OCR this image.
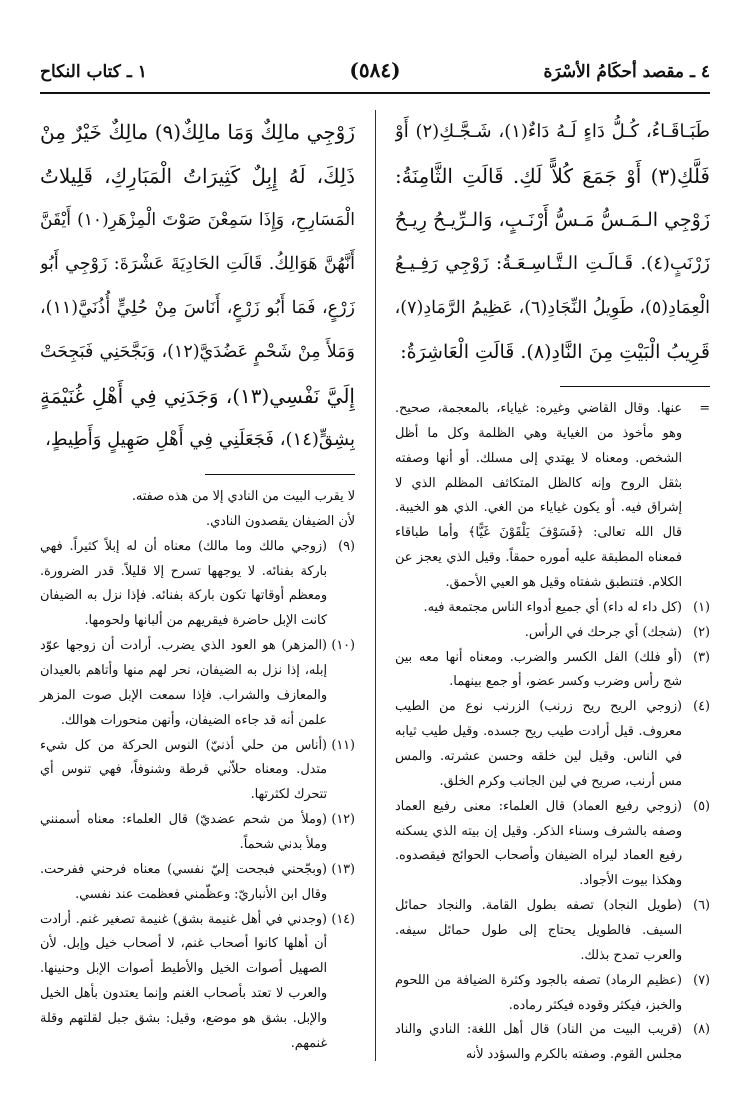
٤ ـ مقصد أحكَامُ الأسْرَة
(٥٨٤)
١ ـ كتاب النكاح

طَبَـاقَـاءُ، كُـلُّ دَاءٍ لَـهُ دَاءٌ(١)، شَـجَّـكِ(٢) أَوْ
فَلَّكِ(٣) أَوْ جَمَعَ كُلاًّ لَكِ. قَالَتِ الثَّامِنَةُ:
زَوْجِي الـمَـسُّ مَـسُّ أَرْنَـبٍ، وَالـرِّيـحُ رِيـحُ
زَرْنَبٍ(٤). قَـالَـتِ الـتَّـاسِـعَـةُ: زَوْجِي رَفِـيـعُ
الْعِمَادِ(٥)، طَوِيلُ النِّجَادِ(٦)، عَظِيمُ الرَّمَادِ(٧)،
قَرِيبُ الْبَيْتِ مِنَ النَّادِ(٨). قَالَتِ الْعَاشِرَةُ:

=
عنها. وقال القاضي وغيره: غياياء، بالمعجمة، صحيح. وهو مأخوذ من الغياية وهي الظلمة وكل ما أظل الشخص. ومعناه لا يهتدي إلى مسلك. أو أنها وصفته بثقل الروح وإنه كالظل المتكاثف المظلم الذي لا إشراق فيه. أو يكون غياياء من الغي. الذي هو الخيبة. قال الله تعالى: ﴿فَسَوْفَ يَلْقَوْنَ غَيًّا﴾ وأما طباقاء فمعناه المطبقة عليه أموره حمقاً. وقيل الذي يعجز عن الكلام. فتنطبق شفتاه وقيل هو العيي الأحمق.
(١)
(كل داء له داء) أي جميع أدواء الناس مجتمعة فيه.
(٢)
(شجك) أي جرحك في الرأس.
(٣)
(أو فلك) الفل الكسر والضرب. ومعناه أنها معه بين شج رأس وضرب وكسر عضو، أو جمع بينهما.
(٤)
(زوجي الريح ريح زرنب) الزرنب نوع من الطيب معروف. قيل أرادت طيب ريح جسده. وقيل طيب ثيابه في الناس. وقيل لين خلقه وحسن عشرته. والمس مس أرنب، صريح في لين الجانب وكرم الخلق.
(٥)
(زوجي رفيع العماد) قال العلماء: معنى رفيع العماد وصفه بالشرف وسناء الذكر. وقيل إن بيته الذي يسكنه رفيع العماد ليراه الضيفان وأصحاب الحوائج فيقصدوه. وهكذا بيوت الأجواد.
(٦)
(طويل النجاد) تصفه بطول القامة. والنجاد حمائل السيف. فالطويل يحتاج إلى طول حمائل سيفه. والعرب تمدح بذلك.
(٧)
(عظيم الرماد) تصفه بالجود وكثرة الضيافة من اللحوم والخبز، فيكثر وقوده فيكثر رماده.
(٨)
(قريب البيت من الناد) قال أهل اللغة: النادي والناد مجلس القوم. وصفته بالكرم والسؤدد لأنه

زَوْجِي مالِكٌ وَمَا مالِكٌ(٩) مالِكٌ خَيْرٌ مِنْ
ذَلِكَ، لَهُ إِبِلٌ كَثِيرَاتُ الْمَبَارِكِ، قَلِيلاتُ
الْمَسَارِحِ، وَإِذَا سَمِعْنَ صَوْتَ الْمِزْهَرِ(١٠) أَيْقَنَّ
أَنَّهُنَّ هَوَالِكُ. قَالَتِ الحَادِيَةَ عَشْرَةَ: زَوْجِي أَبُو
زَرْعٍ، فَمَا أَبُو زَرْعٍ، أَنَاسَ مِنْ حُلِيٍّ أُذُنَيَّ(١١)،
وَمَلأَ مِنْ شَحْمٍ عَضُدَيَّ(١٢)، وَبَجَّحَنِي فَبَجِحَتْ
إِلَيَّ نَفْسِي(١٣)، وَجَدَنِي فِي أَهْلِ غُنَيْمَةٍ
بِشِقٍّ(١٤)، فَجَعَلَنِي فِي أَهْلِ صَهِيلٍ وَأَطِيطٍ،

لا يقرب البيت من النادي إلا من هذه صفته.
لأن الضيفان يقصدون النادي.
(٩)
(زوجي مالك وما مالك) معناه أن له إبلاً كثيراً. فهي باركة بفنائه. لا يوجهها تسرح إلا قليلاً. قدر الضرورة. ومعظم أوقاتها تكون باركة بفنائه. فإذا نزل به الضيفان كانت الإبل حاضرة فيقريهم من ألبانها ولحومها.
(١٠)
(المزهر) هو العود الذي يضرب. أرادت أن زوجها عوّد إبله، إذا نزل به الضيفان، نحر لهم منها وأتاهم بالعيدان والمعازف والشراب. فإذا سمعت الإبل صوت المزهر علمن أنه قد جاءه الضيفان، وأنهن منحورات هوالك.
(١١)
(أناس من حلي أذنيّ) النوس الحركة من كل شيء متدل. ومعناه حلاّني قرطة وشنوفاً، فهي تنوس أي تتحرك لكثرتها.
(١٢)
(وملأ من شحم عضديّ) قال العلماء: معناه أسمنني وملأ بدني شحماً.
(١٣)
(وبجّحني فبجحت إليّ نفسي) معناه فرحني ففرحت. وقال ابن الأنباريّ: وعظّمني فعظمت عند نفسي.
(١٤)
(وجدني في أهل غنيمة بشق) غنيمة تصغير غنم. أرادت أن أهلها كانوا أصحاب غنم، لا أصحاب خيل وإبل. لأن الصهيل أصوات الخيل والأطيط أصوات الإبل وحنينها. والعرب لا تعتد بأصحاب الغنم وإنما يعتدون بأهل الخيل والإبل. بشق هو موضع، وقيل: بشق جبل لقلتهم وقلة غنمهم.
